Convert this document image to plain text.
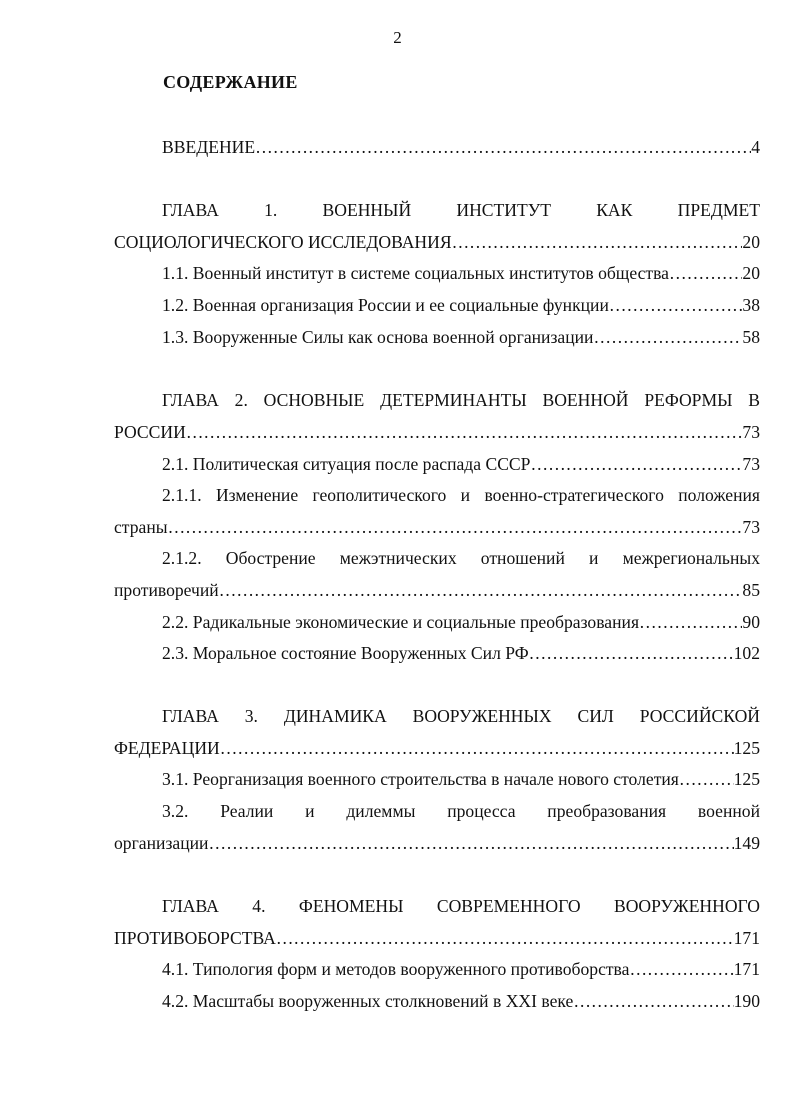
2
СОДЕРЖАНИЕ
ВВЕДЕНИЕ …………………………………………………………………………………………………………………………………………………………………………………………………………	4
ГЛАВА 1. ВОЕННЫЙ ИНСТИТУТ КАК ПРЕДМЕТ
СОЦИОЛОГИЧЕСКОГО ИССЛЕДОВАНИЯ …………………………………………………………………………………………………………………………………………………………………………………………………………	20
1.1. Военный институт в системе социальных институтов общества …………………………………………………………………………………………………………………………………………………………………………………………………………	20
1.2. Военная организация России и ее социальные функции …………………………………………………………………………………………………………………………………………………………………………………………………………	38
1.3. Вооруженные Силы как основа военной организации …………………………………………………………………………………………………………………………………………………………………………………………………………	58
ГЛАВА 2. ОСНОВНЫЕ ДЕТЕРМИНАНТЫ ВОЕННОЙ РЕФОРМЫ В
РОССИИ …………………………………………………………………………………………………………………………………………………………………………………………………………	73
2.1. Политическая ситуация после распада СССР …………………………………………………………………………………………………………………………………………………………………………………………………………	73
2.1.1. Изменение геополитического и военно-стратегического положения
страны …………………………………………………………………………………………………………………………………………………………………………………………………………	73
2.1.2. Обострение межэтнических отношений и межрегиональных
противоречий …………………………………………………………………………………………………………………………………………………………………………………………………………	85
2.2. Радикальные экономические и социальные преобразования …………………………………………………………………………………………………………………………………………………………………………………………………………	90
2.3. Моральное состояние Вооруженных Сил РФ …………………………………………………………………………………………………………………………………………………………………………………………………………	102
ГЛАВА 3. ДИНАМИКА ВООРУЖЕННЫХ СИЛ РОССИЙСКОЙ
ФЕДЕРАЦИИ …………………………………………………………………………………………………………………………………………………………………………………………………………	125
3.1. Реорганизация военного строительства в начале нового столетия …………………………………………………………………………………………………………………………………………………………………………………………………………	125
3.2. Реалии и дилеммы процесса преобразования военной
организации …………………………………………………………………………………………………………………………………………………………………………………………………………	149
ГЛАВА 4. ФЕНОМЕНЫ СОВРЕМЕННОГО ВООРУЖЕННОГО
ПРОТИВОБОРСТВА …………………………………………………………………………………………………………………………………………………………………………………………………………	171
4.1. Типология форм и методов вооруженного противоборства …………………………………………………………………………………………………………………………………………………………………………………………………………	171
4.2. Масштабы вооруженных столкновений в XXI веке …………………………………………………………………………………………………………………………………………………………………………………………………………	190
